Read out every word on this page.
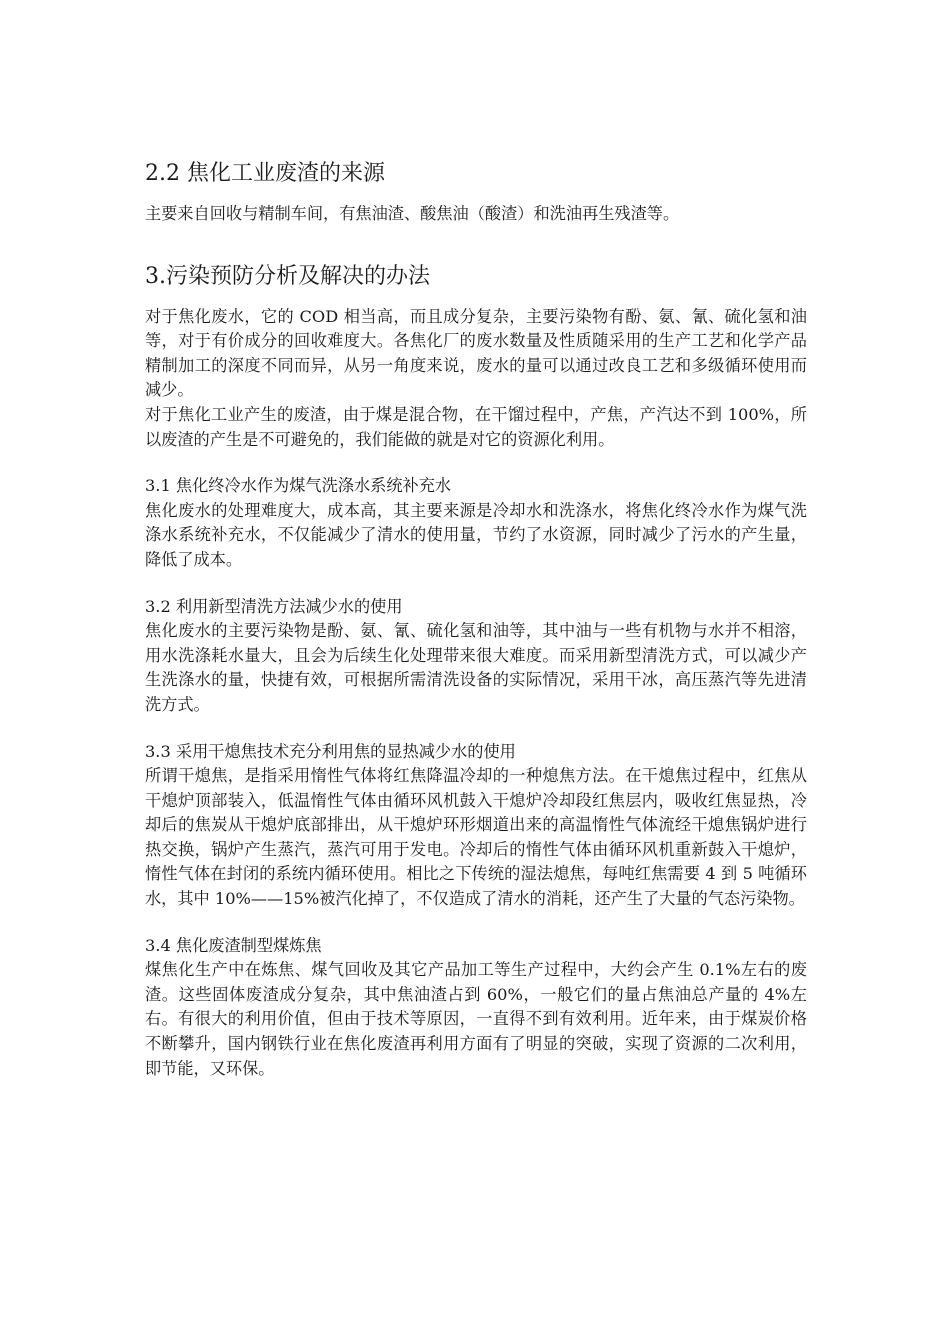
2.2 焦化工业废渣的来源

主要来自回收与精制车间，有焦油渣、酸焦油（酸渣）和洗油再生残渣等。

3.污染预防分析及解决的办法

对于焦化废水，它的 COD 相当高，而且成分复杂，主要污染物有酚、氨、氰、硫化氢和油等，对于有价成分的回收难度大。各焦化厂的废水数量及性质随采用的生产工艺和化学产品精制加工的深度不同而异，从另一角度来说，废水的量可以通过改良工艺和多级循环使用而减少。

对于焦化工业产生的废渣，由于煤是混合物，在干馏过程中，产焦，产汽达不到 100%，所以废渣的产生是不可避免的，我们能做的就是对它的资源化利用。

3.1 焦化终冷水作为煤气洗涤水系统补充水

焦化废水的处理难度大，成本高，其主要来源是冷却水和洗涤水，将焦化终冷水作为煤气洗涤水系统补充水，不仅能减少了清水的使用量，节约了水资源，同时减少了污水的产生量，降低了成本。

3.2 利用新型清洗方法减少水的使用

焦化废水的主要污染物是酚、氨、氰、硫化氢和油等，其中油与一些有机物与水并不相溶，用水洗涤耗水量大，且会为后续生化处理带来很大难度。而采用新型清洗方式，可以减少产生洗涤水的量，快捷有效，可根据所需清洗设备的实际情况，采用干冰，高压蒸汽等先进清洗方式。

3.3 采用干熄焦技术充分利用焦的显热减少水的使用

所谓干熄焦，是指采用惰性气体将红焦降温冷却的一种熄焦方法。在干熄焦过程中，红焦从干熄炉顶部装入，低温惰性气体由循环风机鼓入干熄炉冷却段红焦层内，吸收红焦显热，冷却后的焦炭从干熄炉底部排出，从干熄炉环形烟道出来的高温惰性气体流经干熄焦锅炉进行热交换，锅炉产生蒸汽，蒸汽可用于发电。冷却后的惰性气体由循环风机重新鼓入干熄炉，惰性气体在封闭的系统内循环使用。相比之下传统的湿法熄焦，每吨红焦需要 4 到 5 吨循环水，其中 10%——15%被汽化掉了，不仅造成了清水的消耗，还产生了大量的气态污染物。

3.4 焦化废渣制型煤炼焦

煤焦化生产中在炼焦、煤气回收及其它产品加工等生产过程中，大约会产生 0.1%左右的废渣。这些固体废渣成分复杂，其中焦油渣占到 60%，一般它们的量占焦油总产量的 4%左右。有很大的利用价值，但由于技术等原因，一直得不到有效利用。近年来，由于煤炭价格不断攀升，国内钢铁行业在焦化废渣再利用方面有了明显的突破，实现了资源的二次利用，即节能，又环保。
